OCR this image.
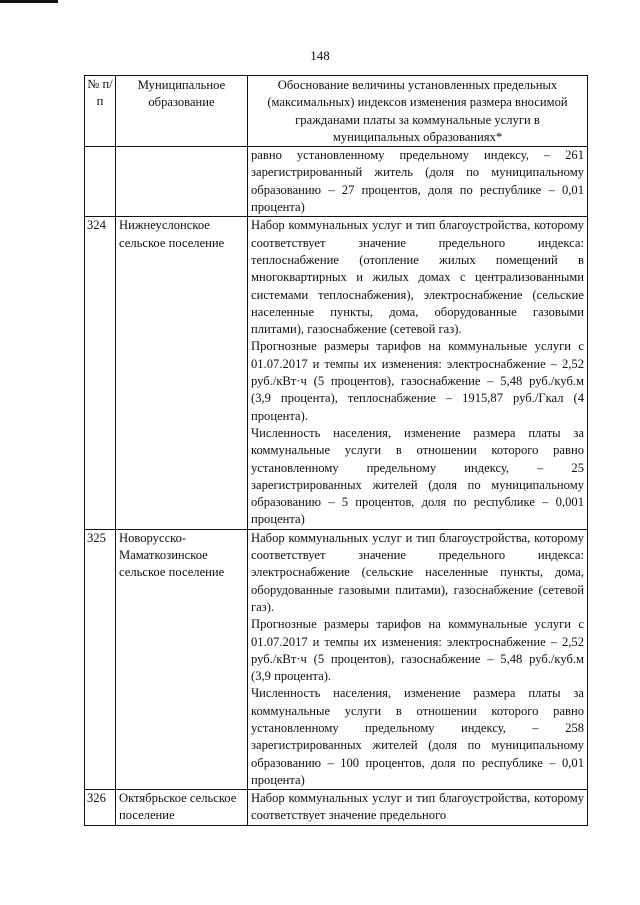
148
№ п/п	Муниципальное образование	Обоснование величины установленных предельных (максимальных) индексов изменения размера вносимой гражданами платы за коммунальные услуги в муниципальных образованиях*

		равно установленному предельному индексу, – 261 зарегистрированный житель (доля по муниципальному образованию – 27 процентов, доля по республике – 0,01 процента)

324	Нижнеуслонское сельское поселение	Набор коммунальных услуг и тип благоустройства, которому соответствует значение предельного индекса: теплоснабжение (отопление жилых помещений в многоквартирных и жилых домах с централизованными системами теплоснабжения), электроснабжение (сельские населенные пункты, дома, оборудованные газовыми плитами), газоснабжение (сетевой газ).

Прогнозные размеры тарифов на коммунальные услуги с 01.07.2017 и темпы их изменения: электроснабжение – 2,52 руб./кВт·ч (5 процентов), газоснабжение – 5,48 руб./куб.м (3,9 процента), теплоснабжение – 1915,87 руб./Гкал (4 процента).

Численность населения, изменение размера платы за коммунальные услуги в отношении которого равно установленному предельному индексу, – 25 зарегистрированных жителей (доля по муниципальному образованию – 5 процентов, доля по республике – 0,001 процента)

325	Новорусско-Маматкозинское сельское поселение	Набор коммунальных услуг и тип благоустройства, которому соответствует значение предельного индекса: электроснабжение (сельские населенные пункты, дома, оборудованные газовыми плитами), газоснабжение (сетевой газ).

Прогнозные размеры тарифов на коммунальные услуги с 01.07.2017 и темпы их изменения: электроснабжение – 2,52 руб./кВт·ч (5 процентов), газоснабжение – 5,48 руб./куб.м (3,9 процента).

Численность населения, изменение размера платы за коммунальные услуги в отношении которого равно установленному предельному индексу, – 258 зарегистрированных жителей (доля по муниципальному образованию – 100 процентов, доля по республике – 0,01 процента)

326	Октябрьское сельское поселение	Набор коммунальных услуг и тип благоустройства, которому соответствует значение предельного
